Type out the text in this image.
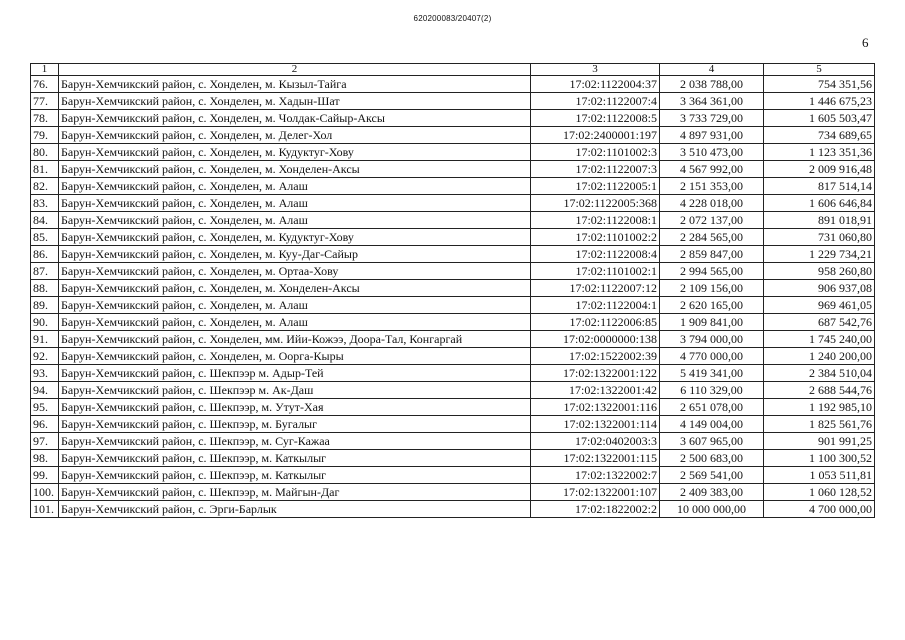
620200083/20407(2)
6
1	2	3	4	5
76.	Барун-Хемчикский район, с. Хонделен, м. Кызыл-Тайга	17:02:1122004:37	2 038 788,00	754 351,56
77.	Барун-Хемчикский район, с. Хонделен, м. Хадын-Шат	17:02:1122007:4	3 364 361,00	1 446 675,23
78.	Барун-Хемчикский район, с. Хонделен, м. Чолдак-Сайыр-Аксы	17:02:1122008:5	3 733 729,00	1 605 503,47
79.	Барун-Хемчикский район, с. Хонделен, м. Делег-Хол	17:02:2400001:197	4 897 931,00	734 689,65
80.	Барун-Хемчикский район, с. Хонделен, м. Кудуктуг-Хову	17:02:1101002:3	3 510 473,00	1 123 351,36
81.	Барун-Хемчикский район, с. Хонделен, м. Хонделен-Аксы	17:02:1122007:3	4 567 992,00	2 009 916,48
82.	Барун-Хемчикский район, с. Хонделен, м. Алаш	17:02:1122005:1	2 151 353,00	817 514,14
83.	Барун-Хемчикский район, с. Хонделен, м. Алаш	17:02:1122005:368	4 228 018,00	1 606 646,84
84.	Барун-Хемчикский район, с. Хонделен, м. Алаш	17:02:1122008:1	2 072 137,00	891 018,91
85.	Барун-Хемчикский район, с. Хонделен, м. Кудуктуг-Хову	17:02:1101002:2	2 284 565,00	731 060,80
86.	Барун-Хемчикский район, с. Хонделен, м. Куу-Даг-Сайыр	17:02:1122008:4	2 859 847,00	1 229 734,21
87.	Барун-Хемчикский район, с. Хонделен, м. Ортаа-Хову	17:02:1101002:1	2 994 565,00	958 260,80
88.	Барун-Хемчикский район, с. Хонделен, м. Хонделен-Аксы	17:02:1122007:12	2 109 156,00	906 937,08
89.	Барун-Хемчикский район, с. Хонделен, м. Алаш	17:02:1122004:1	2 620 165,00	969 461,05
90.	Барун-Хемчикский район, с. Хонделен, м. Алаш	17:02:1122006:85	1 909 841,00	687 542,76
91.	Барун-Хемчикский район, с. Хонделен, мм. Ийи-Кожээ, Доора-Тал, Конгаргай	17:02:0000000:138	3 794 000,00	1 745 240,00
92.	Барун-Хемчикский район, с. Хонделен, м. Оорга-Кыры	17:02:1522002:39	4 770 000,00	1 240 200,00
93.	Барун-Хемчикский район, с. Шекпээр м. Адыр-Тей	17:02:1322001:122	5 419 341,00	2 384 510,04
94.	Барун-Хемчикский район, с. Шекпээр м. Ак-Даш	17:02:1322001:42	6 110 329,00	2 688 544,76
95.	Барун-Хемчикский район, с. Шекпээр, м. Утут-Хая	17:02:1322001:116	2 651 078,00	1 192 985,10
96.	Барун-Хемчикский район, с. Шекпээр, м. Бугалыг	17:02:1322001:114	4 149 004,00	1 825 561,76
97.	Барун-Хемчикский район, с. Шекпээр, м. Суг-Кажаа	17:02:0402003:3	3 607 965,00	901 991,25
98.	Барун-Хемчикский район, с. Шекпээр, м. Каткылыг	17:02:1322001:115	2 500 683,00	1 100 300,52
99.	Барун-Хемчикский район, с. Шекпээр, м. Каткылыг	17:02:1322002:7	2 569 541,00	1 053 511,81
100.	Барун-Хемчикский район, с. Шекпээр, м. Майгын-Даг	17:02:1322001:107	2 409 383,00	1 060 128,52
101.	Барун-Хемчикский район, с. Эрги-Барлык	17:02:1822002:2	10 000 000,00	4 700 000,00
